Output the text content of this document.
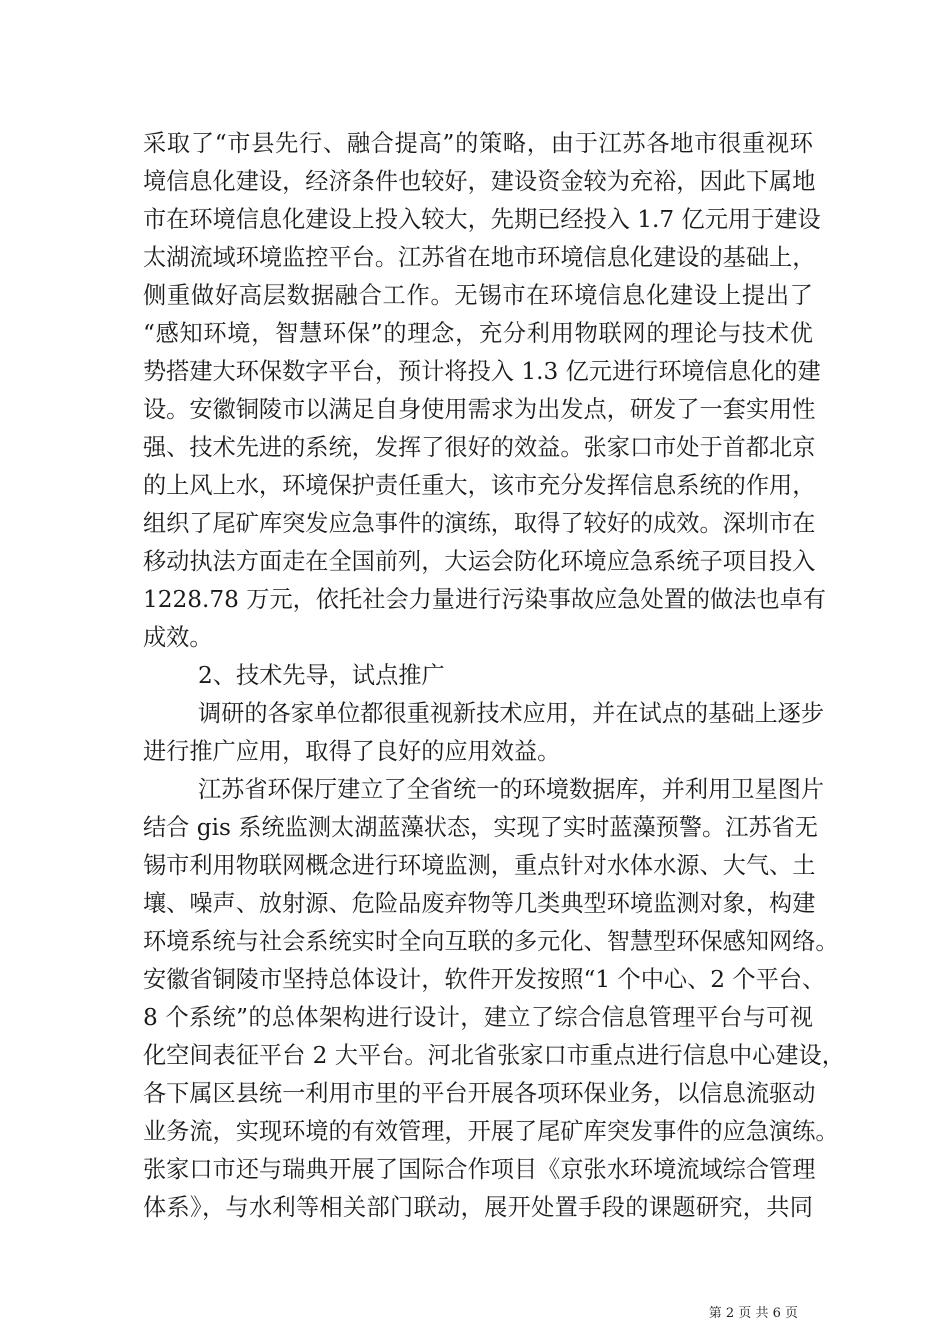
采取了“市县先行、融合提高”的策略，由于江苏各地市很重视环
境信息化建设，经济条件也较好，建设资金较为充裕，因此下属地
市在环境信息化建设上投入较大，先期已经投入 1.7 亿元用于建设
太湖流域环境监控平台。江苏省在地市环境信息化建设的基础上，
侧重做好高层数据融合工作。无锡市在环境信息化建设上提出了
“感知环境，智慧环保”的理念，充分利用物联网的理论与技术优
势搭建大环保数字平台，预计将投入 1.3 亿元进行环境信息化的建
设。安徽铜陵市以满足自身使用需求为出发点，研发了一套实用性
强、技术先进的系统，发挥了很好的效益。张家口市处于首都北京
的上风上水，环境保护责任重大，该市充分发挥信息系统的作用，
组织了尾矿库突发应急事件的演练，取得了较好的成效。深圳市在
移动执法方面走在全国前列，大运会防化环境应急系统子项目投入
1228.78 万元，依托社会力量进行污染事故应急处置的做法也卓有
成效。
2、技术先导，试点推广
调研的各家单位都很重视新技术应用，并在试点的基础上逐步
进行推广应用，取得了良好的应用效益。
江苏省环保厅建立了全省统一的环境数据库，并利用卫星图片
结合 gis 系统监测太湖蓝藻状态，实现了实时蓝藻预警。江苏省无
锡市利用物联网概念进行环境监测，重点针对水体水源、大气、土
壤、噪声、放射源、危险品废弃物等几类典型环境监测对象，构建
环境系统与社会系统实时全向互联的多元化、智慧型环保感知网络。
安徽省铜陵市坚持总体设计，软件开发按照“1 个中心、2 个平台、
8 个系统”的总体架构进行设计，建立了综合信息管理平台与可视
化空间表征平台 2 大平台。河北省张家口市重点进行信息中心建设，
各下属区县统一利用市里的平台开展各项环保业务，以信息流驱动
业务流，实现环境的有效管理，开展了尾矿库突发事件的应急演练。
张家口市还与瑞典开展了国际合作项目《京张水环境流域综合管理
体系》，与水利等相关部门联动，展开处置手段的课题研究，共同
第 2 页 共 6 页
